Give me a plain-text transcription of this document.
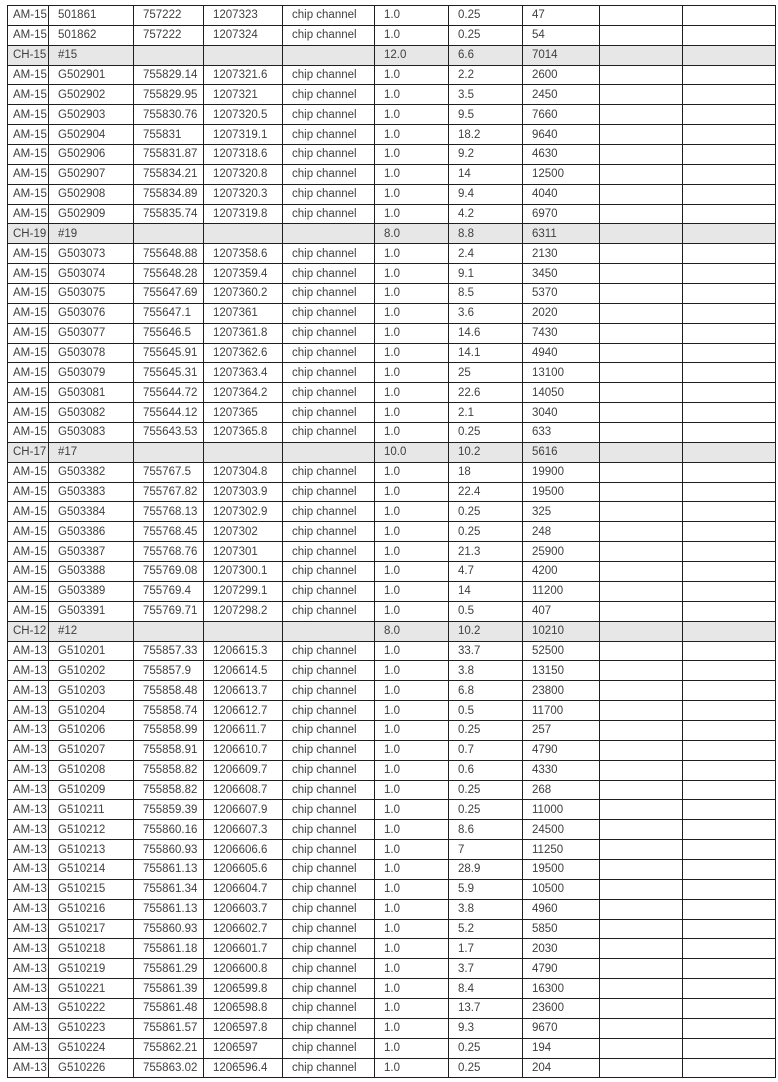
AM-15	501861	757222	1207323	chip channel	1.0	0.25	47		
AM-15	501862	757222	1207324	chip channel	1.0	0.25	54		
CH-15	#15				12.0	6.6	7014		
AM-15	G502901	755829.14	1207321.6	chip channel	1.0	2.2	2600		
AM-15	G502902	755829.95	1207321	chip channel	1.0	3.5	2450		
AM-15	G502903	755830.76	1207320.5	chip channel	1.0	9.5	7660		
AM-15	G502904	755831	1207319.1	chip channel	1.0	18.2	9640		
AM-15	G502906	755831.87	1207318.6	chip channel	1.0	9.2	4630		
AM-15	G502907	755834.21	1207320.8	chip channel	1.0	14	12500		
AM-15	G502908	755834.89	1207320.3	chip channel	1.0	9.4	4040		
AM-15	G502909	755835.74	1207319.8	chip channel	1.0	4.2	6970		
CH-19	#19				8.0	8.8	6311		
AM-15	G503073	755648.88	1207358.6	chip channel	1.0	2.4	2130		
AM-15	G503074	755648.28	1207359.4	chip channel	1.0	9.1	3450		
AM-15	G503075	755647.69	1207360.2	chip channel	1.0	8.5	5370		
AM-15	G503076	755647.1	1207361	chip channel	1.0	3.6	2020		
AM-15	G503077	755646.5	1207361.8	chip channel	1.0	14.6	7430		
AM-15	G503078	755645.91	1207362.6	chip channel	1.0	14.1	4940		
AM-15	G503079	755645.31	1207363.4	chip channel	1.0	25	13100		
AM-15	G503081	755644.72	1207364.2	chip channel	1.0	22.6	14050		
AM-15	G503082	755644.12	1207365	chip channel	1.0	2.1	3040		
AM-15	G503083	755643.53	1207365.8	chip channel	1.0	0.25	633		
CH-17	#17				10.0	10.2	5616		
AM-15	G503382	755767.5	1207304.8	chip channel	1.0	18	19900		
AM-15	G503383	755767.82	1207303.9	chip channel	1.0	22.4	19500		
AM-15	G503384	755768.13	1207302.9	chip channel	1.0	0.25	325		
AM-15	G503386	755768.45	1207302	chip channel	1.0	0.25	248		
AM-15	G503387	755768.76	1207301	chip channel	1.0	21.3	25900		
AM-15	G503388	755769.08	1207300.1	chip channel	1.0	4.7	4200		
AM-15	G503389	755769.4	1207299.1	chip channel	1.0	14	11200		
AM-15	G503391	755769.71	1207298.2	chip channel	1.0	0.5	407		
CH-12	#12				8.0	10.2	10210		
AM-13	G510201	755857.33	1206615.3	chip channel	1.0	33.7	52500		
AM-13	G510202	755857.9	1206614.5	chip channel	1.0	3.8	13150		
AM-13	G510203	755858.48	1206613.7	chip channel	1.0	6.8	23800		
AM-13	G510204	755858.74	1206612.7	chip channel	1.0	0.5	11700		
AM-13	G510206	755858.99	1206611.7	chip channel	1.0	0.25	257		
AM-13	G510207	755858.91	1206610.7	chip channel	1.0	0.7	4790		
AM-13	G510208	755858.82	1206609.7	chip channel	1.0	0.6	4330		
AM-13	G510209	755858.82	1206608.7	chip channel	1.0	0.25	268		
AM-13	G510211	755859.39	1206607.9	chip channel	1.0	0.25	11000		
AM-13	G510212	755860.16	1206607.3	chip channel	1.0	8.6	24500		
AM-13	G510213	755860.93	1206606.6	chip channel	1.0	7	11250		
AM-13	G510214	755861.13	1206605.6	chip channel	1.0	28.9	19500		
AM-13	G510215	755861.34	1206604.7	chip channel	1.0	5.9	10500		
AM-13	G510216	755861.13	1206603.7	chip channel	1.0	3.8	4960		
AM-13	G510217	755860.93	1206602.7	chip channel	1.0	5.2	5850		
AM-13	G510218	755861.18	1206601.7	chip channel	1.0	1.7	2030		
AM-13	G510219	755861.29	1206600.8	chip channel	1.0	3.7	4790		
AM-13	G510221	755861.39	1206599.8	chip channel	1.0	8.4	16300		
AM-13	G510222	755861.48	1206598.8	chip channel	1.0	13.7	23600		
AM-13	G510223	755861.57	1206597.8	chip channel	1.0	9.3	9670		
AM-13	G510224	755862.21	1206597	chip channel	1.0	0.25	194		
AM-13	G510226	755863.02	1206596.4	chip channel	1.0	0.25	204		
